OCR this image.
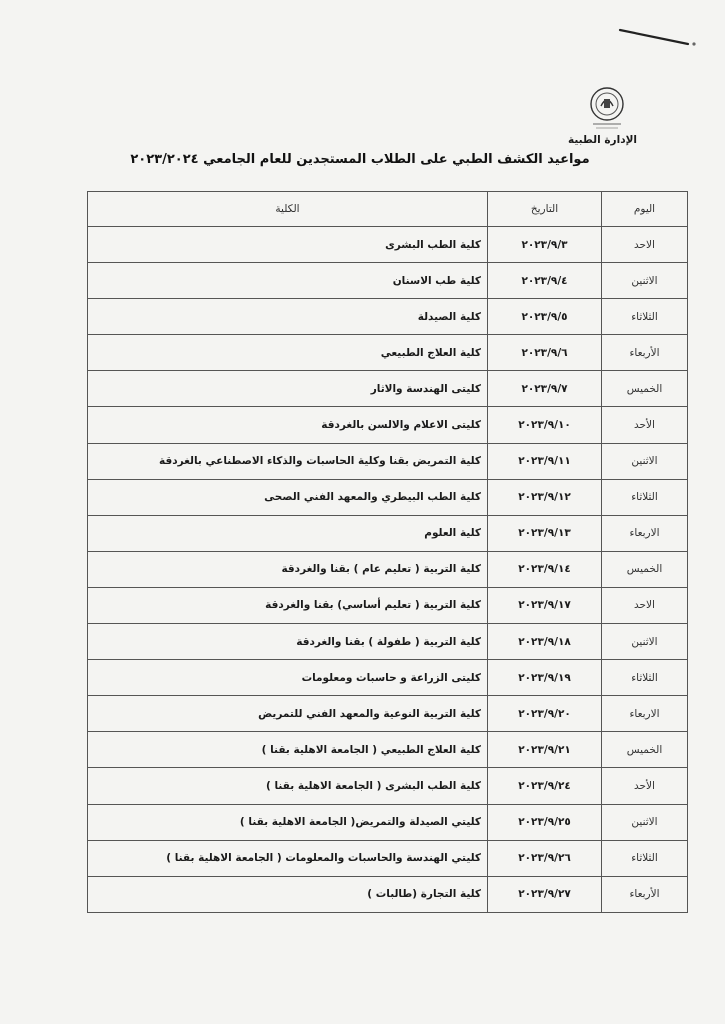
الإدارة الطبية
مواعيد الكشف الطبي على الطلاب المستجدين للعام الجامعي ٢٠٢٣/٢٠٢٤
اليوم	التاريخ	الكلية
الاحد	٢٠٢٣/٩/٣	كلية الطب البشرى
الاثنين	٢٠٢٣/٩/٤	كلية طب الاسنان
الثلاثاء	٢٠٢٣/٩/٥	كلية الصيدلة
الأربعاء	٢٠٢٣/٩/٦	كلية العلاج الطبيعي
الخميس	٢٠٢٣/٩/٧	كليتى الهندسة والاثار
الأحد	٢٠٢٣/٩/١٠	كليتى الاعلام والالسن بالغردقة
الاثنين	٢٠٢٣/٩/١١	كلية التمريض بقنا وكلية الحاسبات والذكاء الاصطناعي بالغردقة
الثلاثاء	٢٠٢٣/٩/١٢	كلية الطب البيطري والمعهد الفني الصحى
الاربعاء	٢٠٢٣/٩/١٣	كلية العلوم
الخميس	٢٠٢٣/٩/١٤	كلية التربية ( تعليم عام ) بقنا والغردقة
الاحد	٢٠٢٣/٩/١٧	كلية التربية ( تعليم أساسي) بقنا والغردقة
الاثنين	٢٠٢٣/٩/١٨	كلية التربية ( طفولة ) بقنا والغردقة
الثلاثاء	٢٠٢٣/٩/١٩	كليتى الزراعة و حاسبات ومعلومات
الاربعاء	٢٠٢٣/٩/٢٠	كلية التربية النوعية والمعهد الفني للتمريض
الخميس	٢٠٢٣/٩/٢١	كلية العلاج الطبيعي ( الجامعة الاهلية بقنا )
الأحد	٢٠٢٣/٩/٢٤	كلية الطب البشرى ( الجامعة الاهلية بقنا )
الاثنين	٢٠٢٣/٩/٢٥	كليتي الصيدلة والتمريض( الجامعة الاهلية بقنا )
الثلاثاء	٢٠٢٣/٩/٢٦	كليتي الهندسة والحاسبات والمعلومات ( الجامعة الاهلية بقنا )
الأربعاء	٢٠٢٣/٩/٢٧	كلية التجارة (طالبات )
